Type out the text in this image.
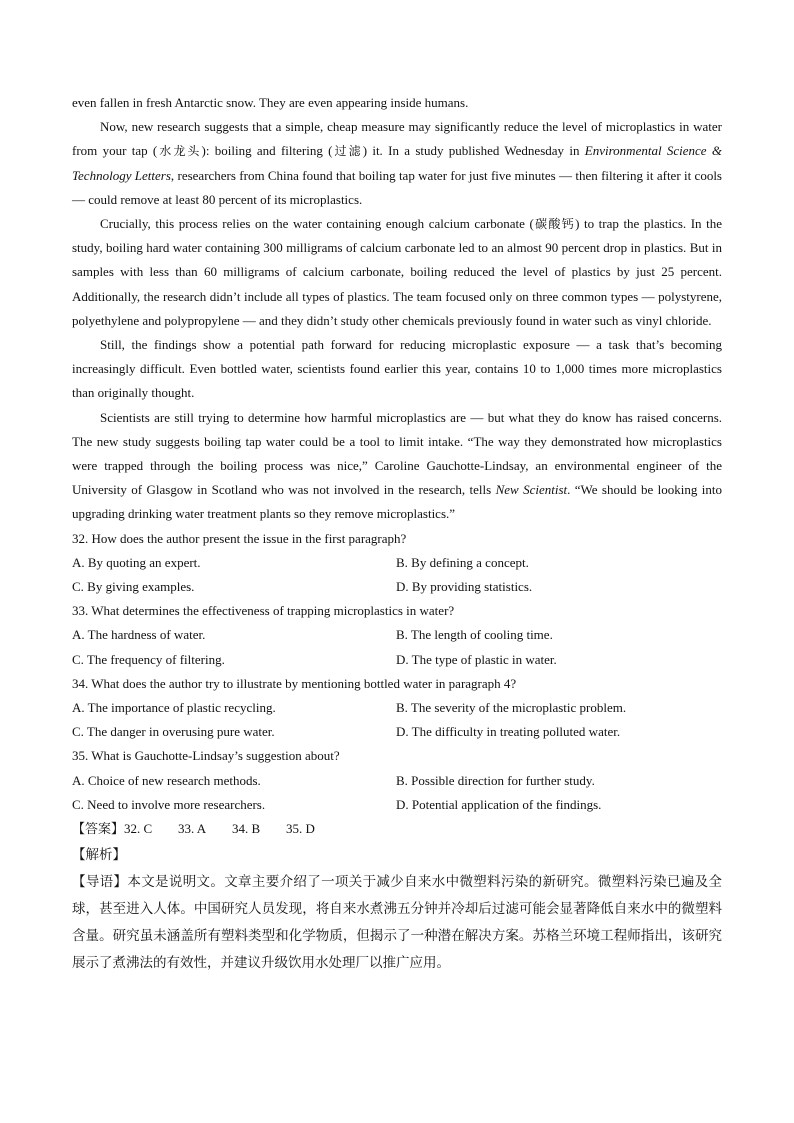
even fallen in fresh Antarctic snow. They are even appearing inside humans.

Now, new research suggests that a simple, cheap measure may significantly reduce the level of microplastics in water from your tap (水龙头): boiling and filtering (过滤) it. In a study published Wednesday in Environmental Science & Technology Letters, researchers from China found that boiling tap water for just five minutes — then filtering it after it cools — could remove at least 80 percent of its microplastics.

Crucially, this process relies on the water containing enough calcium carbonate (碳酸钙) to trap the plastics. In the study, boiling hard water containing 300 milligrams of calcium carbonate led to an almost 90 percent drop in plastics. But in samples with less than 60 milligrams of calcium carbonate, boiling reduced the level of plastics by just 25 percent. Additionally, the research didn’t include all types of plastics. The team focused only on three common types — polystyrene, polyethylene and polypropylene — and they didn’t study other chemicals previously found in water such as vinyl chloride.

Still, the findings show a potential path forward for reducing microplastic exposure — a task that’s becoming increasingly difficult. Even bottled water, scientists found earlier this year, contains 10 to 1,000 times more microplastics than originally thought.

Scientists are still trying to determine how harmful microplastics are — but what they do know has raised concerns. The new study suggests boiling tap water could be a tool to limit intake. “The way they demonstrated how microplastics were trapped through the boiling process was nice,” Caroline Gauchotte-Lindsay, an environmental engineer of the University of Glasgow in Scotland who was not involved in the research, tells New Scientist. “We should be looking into upgrading drinking water treatment plants so they remove microplastics.”

32. How does the author present the issue in the first paragraph?

A. By quoting an expert.	B. By defining a concept.
C. By giving examples.	D. By providing statistics.

33. What determines the effectiveness of trapping microplastics in water?

A. The hardness of water.	B. The length of cooling time.
C. The frequency of filtering.	D. The type of plastic in water.

34. What does the author try to illustrate by mentioning bottled water in paragraph 4?

A. The importance of plastic recycling.	B. The severity of the microplastic problem.
C. The danger in overusing pure water.	D. The difficulty in treating polluted water.

35. What is Gauchotte-Lindsay’s suggestion about?

A. Choice of new research methods.	B. Possible direction for further study.
C. Need to involve more researchers.	D. Potential application of the findings.

【答案】32. C 33. A 34. B 35. D

【解析】

【导语】本文是说明文。文章主要介绍了一项关于减少自来水中微塑料污染的新研究。微塑料污染已遍及全球，甚至进入人体。中国研究人员发现，将自来水煮沸五分钟并冷却后过滤可能会显著降低自来水中的微塑料含量。研究虽未涵盖所有塑料类型和化学物质，但揭示了一种潜在解决方案。苏格兰环境工程师指出，该研究展示了煮沸法的有效性，并建议升级饮用水处理厂以推广应用。
